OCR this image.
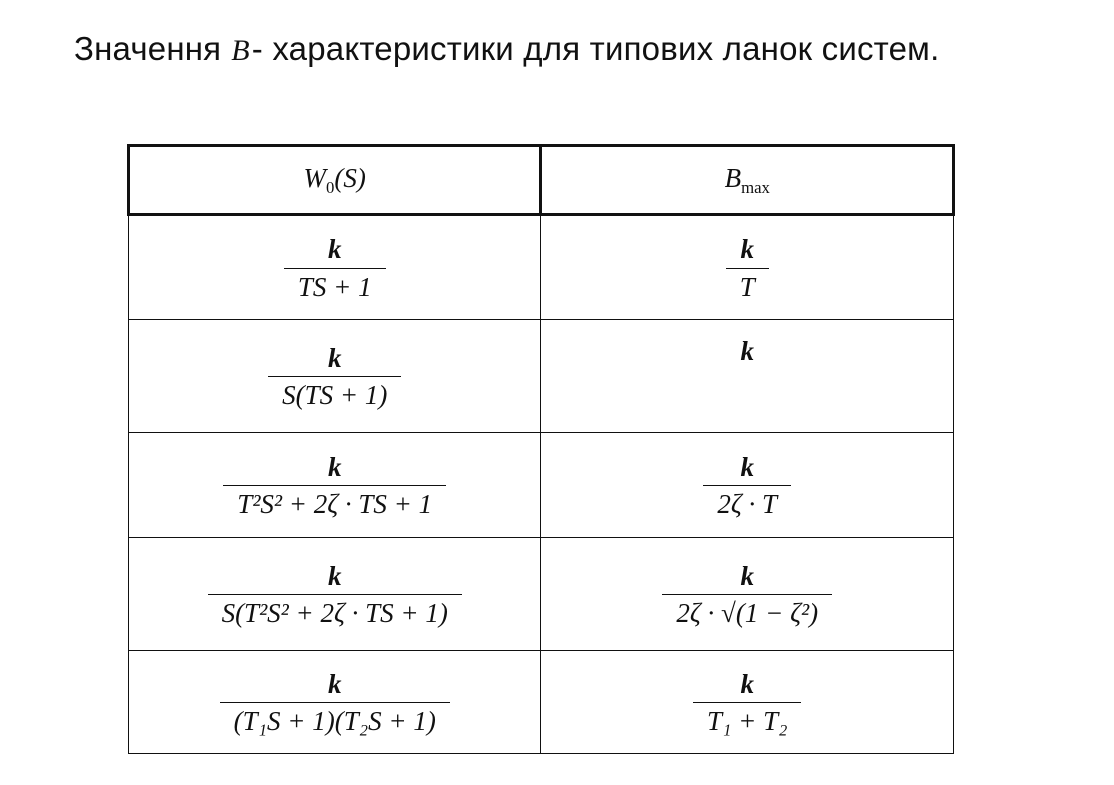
Значення B- характеристики для типових ланок систем.
$W_0(S)$	$B_{max}$

$\frac{k}{TS + 1}$	$\frac{k}{T}$

$\frac{k}{S(TS + 1)}$	k

$\frac{k}{\text{T²S² + 2ζ · TS + 1}}$	$\frac{k}{2\zeta \cdot T}$

$\frac{k}{\text{S(T²S² + 2ζ · TS + 1)}}$	$\frac{k}{\text{2ζ · √(1 − ζ²)}}$

$\frac{k}{\text{(T₁S + 1)(T₂S + 1)}}$	$\frac{k}{\text{T₁ + T₂}}$
